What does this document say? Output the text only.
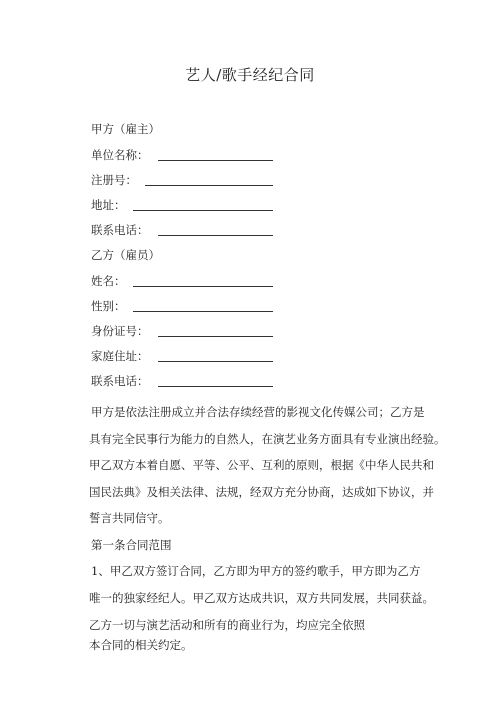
艺人/歌手经纪合同
甲方（雇主）
单位名称：
注册号：
地址：
联系电话：
乙方（雇员）
姓名：
性别：
身份证号：
家庭住址：
联系电话：
甲方是依法注册成立并合法存续经营的影视文化传媒公司；乙方是
具有完全民事行为能力的自然人，在演艺业务方面具有专业演出经验。
甲乙双方本着自愿、平等、公平、互利的原则，根据《中华人民共和
国民法典》及相关法律、法规，经双方充分协商，达成如下协议，并
誓言共同信守。
第一条合同范围
1、甲乙双方签订合同，乙方即为甲方的签约歌手，甲方即为乙方
唯一的独家经纪人。甲乙双方达成共识，双方共同发展，共同获益。
乙方一切与演艺活动和所有的商业行为，均应完全依照
本合同的相关约定。
